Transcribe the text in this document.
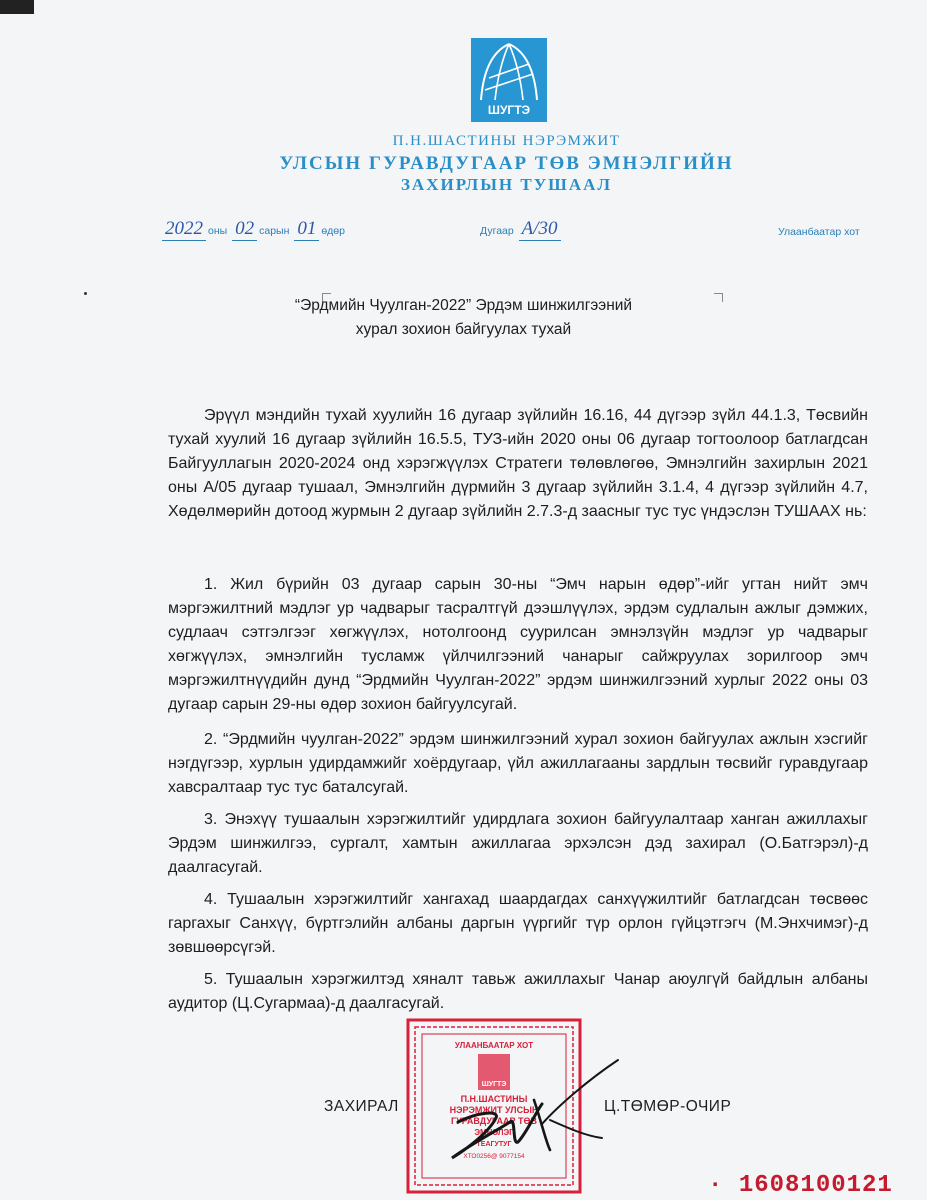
ШУГТЭ
П.Н.ШАСТИНЫ НЭРЭМЖИТ
УЛСЫН ГУРАВДУГААР ТӨВ ЭМНЭЛГИЙН
ЗАХИРЛЫН ТУШААЛ
2022 оны 02 сарын 01 өдөр	Дугаар А/30	Улаанбаатар хот
“Эрдмийн Чуулган-2022” Эрдэм шинжилгээний
хурал зохион байгуулах тухай
Эрүүл мэндийн тухай хуулийн 16 дугаар зүйлийн 16.16, 44 дүгээр зүйл 44.1.3, Төсвийн тухай хуулий 16 дугаар зүйлийн 16.5.5, ТУЗ-ийн 2020 оны 06 дугаар тогтоолоор батлагдсан Байгууллагын 2020-2024 онд хэрэгжүүлэх Стратеги төлөвлөгөө, Эмнэлгийн захирлын 2021 оны А/05 дугаар тушаал, Эмнэлгийн дүрмийн 3 дугаар зүйлийн 3.1.4, 4 дүгээр зүйлийн 4.7, Хөдөлмөрийн дотоод журмын 2 дугаар зүйлийн 2.7.3-д заасныг тус тус үндэслэн ТУШААХ нь:
1. Жил бүрийн 03 дугаар сарын 30-ны “Эмч нарын өдөр”-ийг угтан нийт эмч мэргэжилтний мэдлэг ур чадварыг тасралтгүй дээшлүүлэх, эрдэм судлалын ажлыг дэмжих, судлаач сэтгэлгээг хөгжүүлэх, нотолгоонд суурилсан эмнэлзүйн мэдлэг ур чадварыг хөгжүүлэх, эмнэлгийн тусламж үйлчилгээний чанарыг сайжруулах зорилгоор эмч мэргэжилтнүүдийн дунд “Эрдмийн Чуулган-2022” эрдэм шинжилгээний хурлыг 2022 оны 03 дугаар сарын 29-ны өдөр зохион байгуулсугай.
2. “Эрдмийн чуулган-2022” эрдэм шинжилгээний хурал зохион байгуулах ажлын хэсгийг нэгдүгээр, хурлын удирдамжийг хоёрдугаар, үйл ажиллагааны зардлын төсвийг гуравдугаар хавсралтаар тус тус баталсугай.
3. Энэхүү тушаалын хэрэгжилтийг удирдлага зохион байгуулалтаар ханган ажиллахыг Эрдэм шинжилгээ, сургалт, хамтын ажиллагаа эрхэлсэн дэд захирал (О.Батгэрэл)-д даалгасугай.
4. Тушаалын хэрэгжилтийг хангахад шаардагдах санхүүжилтийг батлагдсан төсвөөс гаргахыг Санхүү, бүртгэлийн албаны даргын үүргийг түр орлон гүйцэтгэгч (М.Энхчимэг)-д зөвшөөрсүгэй.
5. Тушаалын хэрэгжилтэд хяналт тавьж ажиллахыг Чанар аюулгүй байдлын албаны аудитор (Ц.Сугармаа)-д даалгасугай.
УЛААНБААТАР ХОТ
ШУГТЭ
П.Н.ШАСТИНЫ
НЭРЭМЖИТ УЛСЫН
ГУРАВДУГААР ТӨВ
ЭМНЭЛЭГ
ТЕАГУТУГ
ХТО0256@ 9077154
ЗАХИРАЛ	Ц.ТӨМӨР-ОЧИР
· 1608100121
